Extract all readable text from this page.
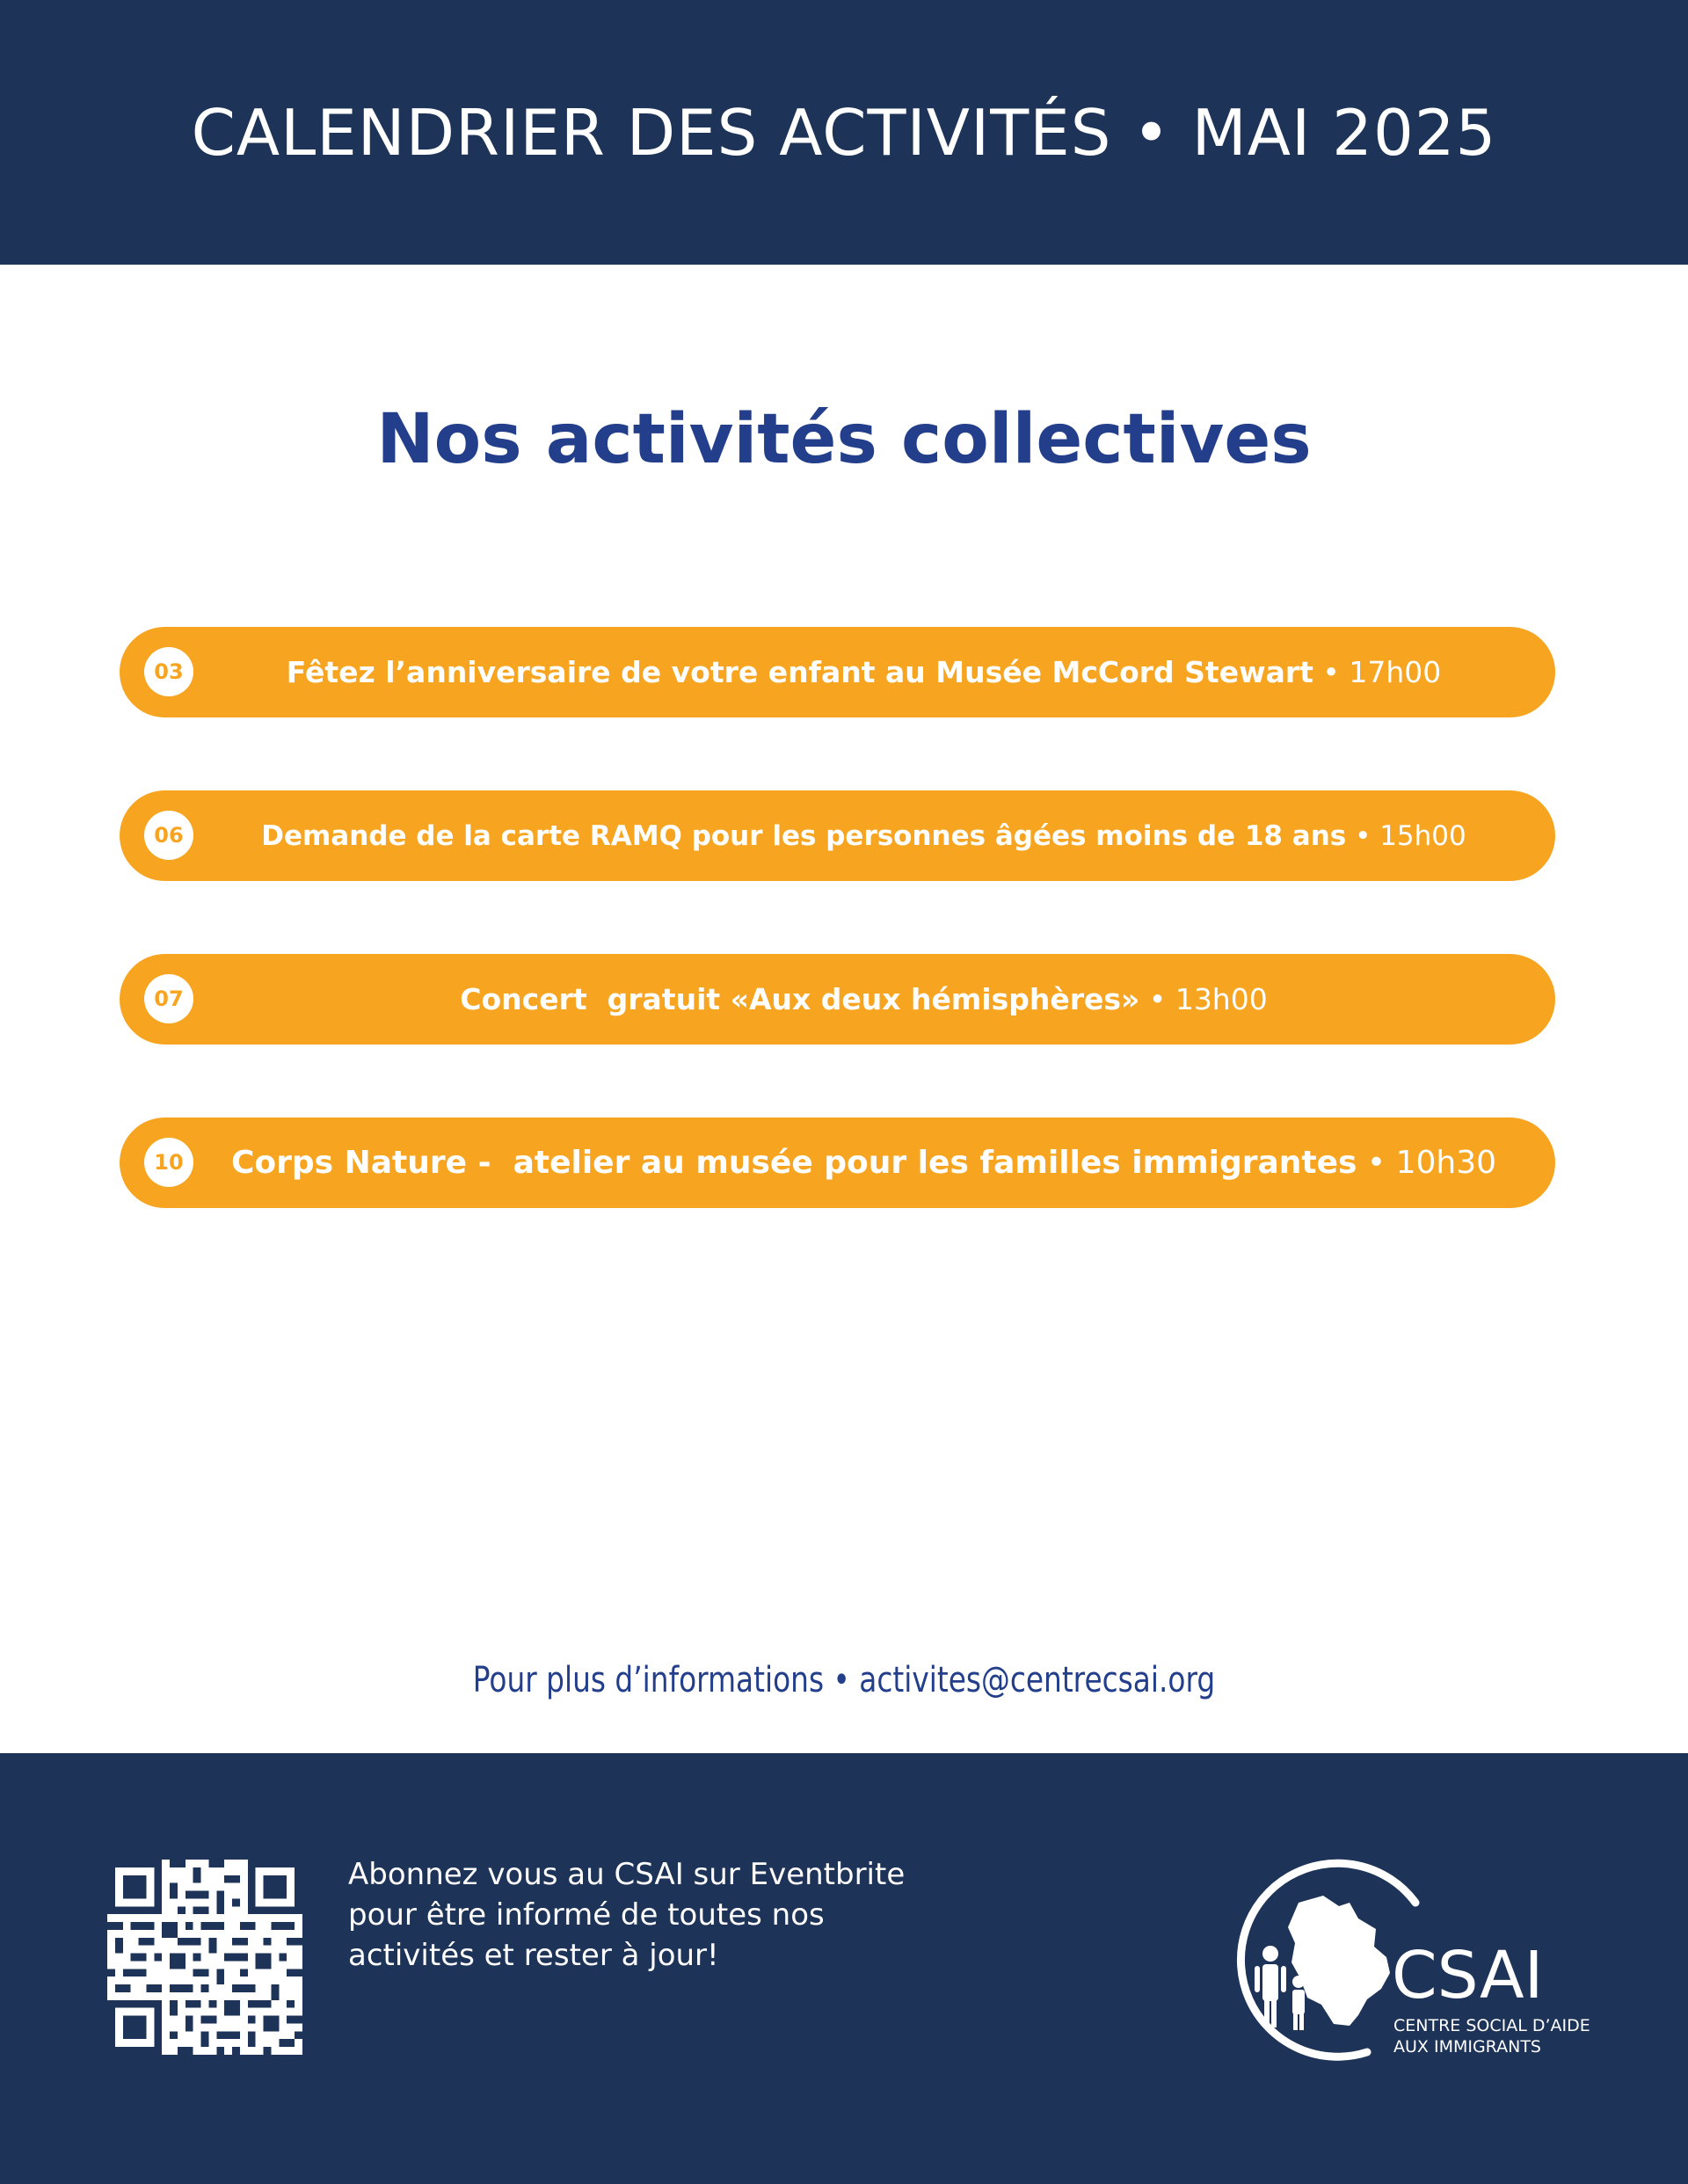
CALENDRIER DES ACTIVITÉS • MAI 2025
Nos activités collectives
03	Fêtez l’anniversaire de votre enfant au Musée McCord Stewart • 17h00
06	Demande de la carte RAMQ pour les personnes âgées moins de 18 ans • 15h00
07	Concert  gratuit «Aux deux hémisphères» • 13h00
10	Corps Nature -  atelier au musée pour les familles immigrantes • 10h30
Pour plus d’informations • activites@centrecsai.org

Abonnez vous au CSAI sur Eventbrite pour être informé de toutes nos activités et rester à jour!	CSAI
CENTRE SOCIAL D’AIDE
AUX IMMIGRANTS
